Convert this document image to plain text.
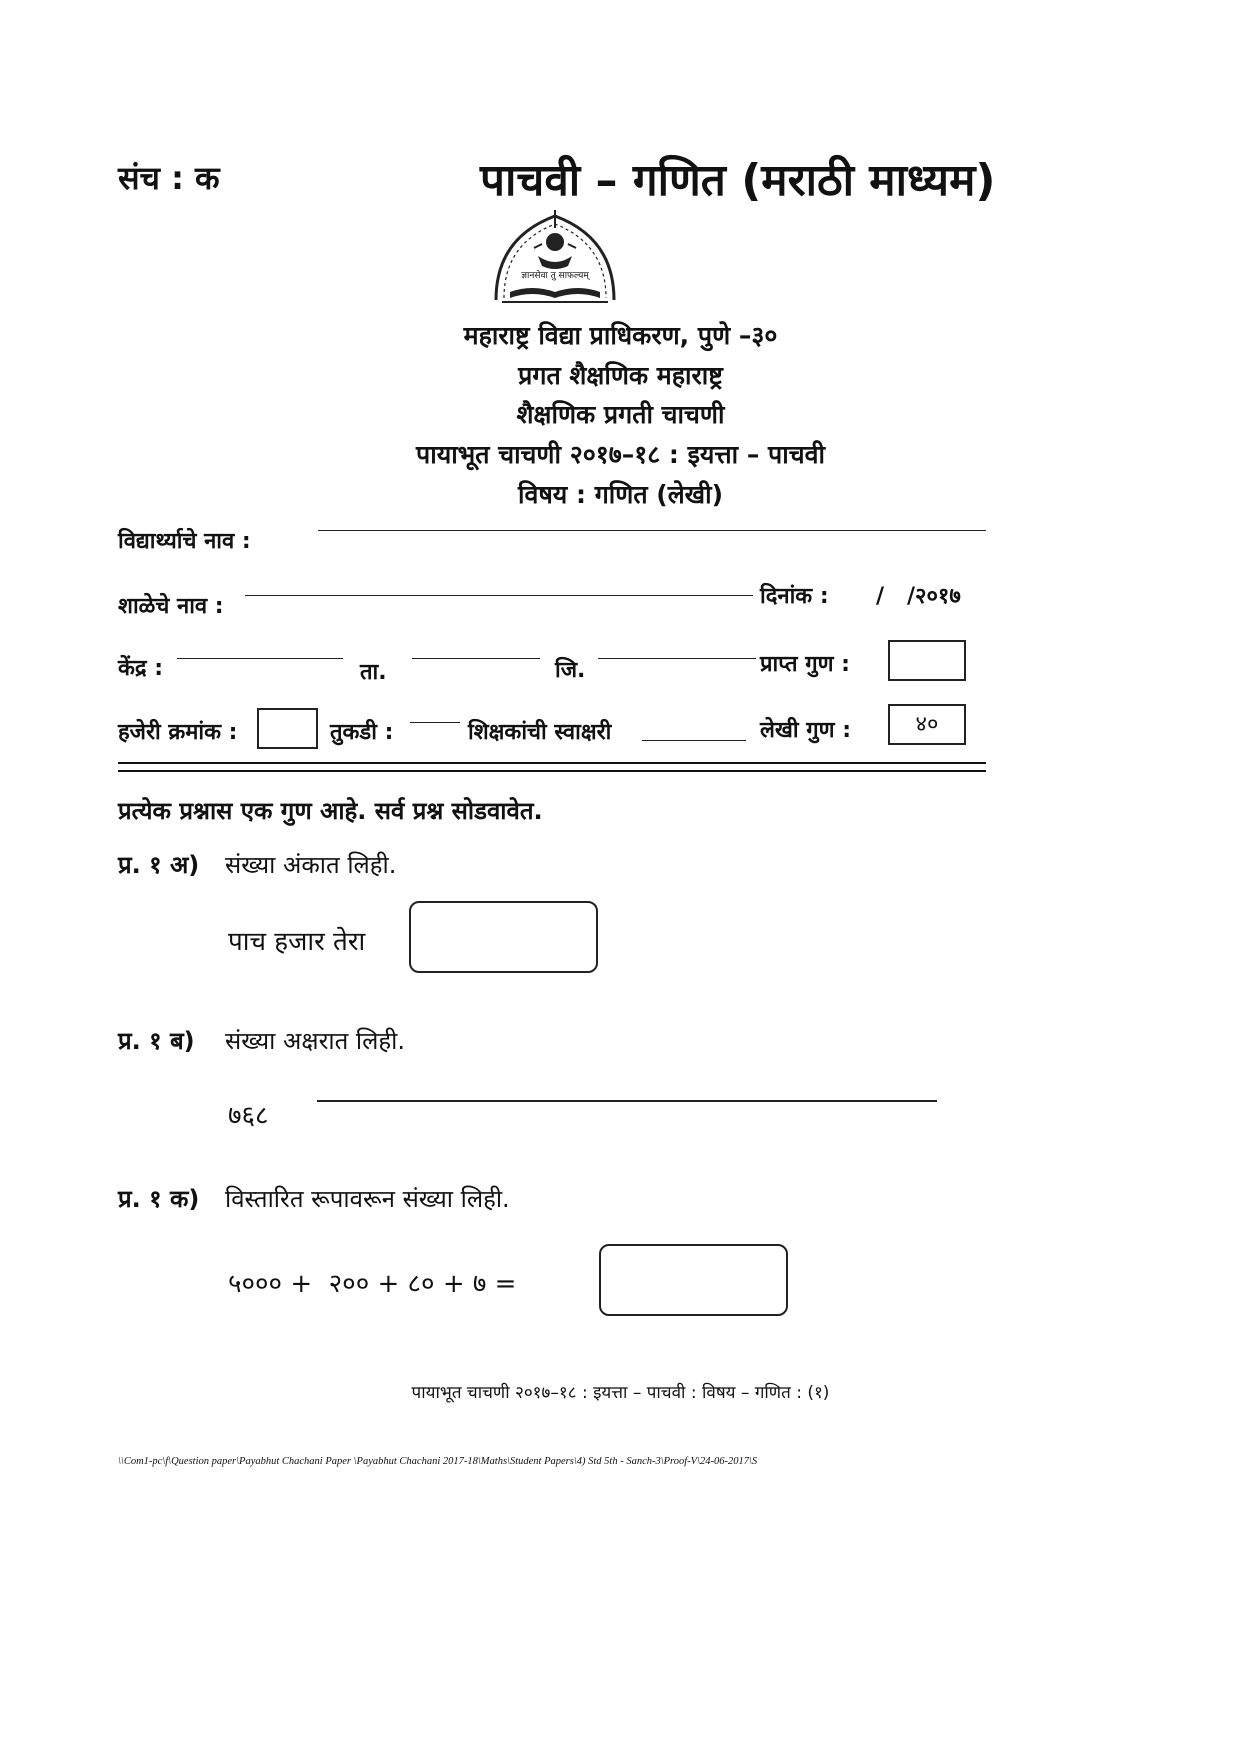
संच : क	पाचवी – गणित (मराठी माध्यम)
ज्ञानसेवा तु साफल्यम्
महाराष्ट्र विद्या प्राधिकरण, पुणे –३०
प्रगत शैक्षणिक महाराष्ट्र
शैक्षणिक प्रगती चाचणी
पायाभूत चाचणी २०१७–१८ : इयत्ता – पाचवी
विषय : गणित (लेखी)
विद्यार्थ्याचे नाव :
शाळेचे नाव :	दिनांक : /   /२०१७
केंद्र :	ता.	जि.	प्राप्त गुण :
हजेरी क्रमांक :	तुकडी :	शिक्षकांची स्वाक्षरी	लेखी गुण :	४०
प्रत्येक प्रश्नास एक गुण आहे. सर्व प्रश्न सोडवावेत.
प्र. १ अ) संख्या अंकात लिही.
पाच हजार तेरा
प्र. १ ब) संख्या अक्षरात लिही.
७६८
प्र. १ क) विस्तारित रूपावरून संख्या लिही.
५००० +  २०० + ८० + ७ =
पायाभूत चाचणी २०१७–१८ : इयत्ता – पाचवी : विषय – गणित : (१)
\\Com1-pc\f\Question paper\Payabhut Chachani Paper \Payabhut Chachani 2017-18\Maths\Student Papers\4) Std 5th - Sanch-3\Proof-V\24-06-2017\S
